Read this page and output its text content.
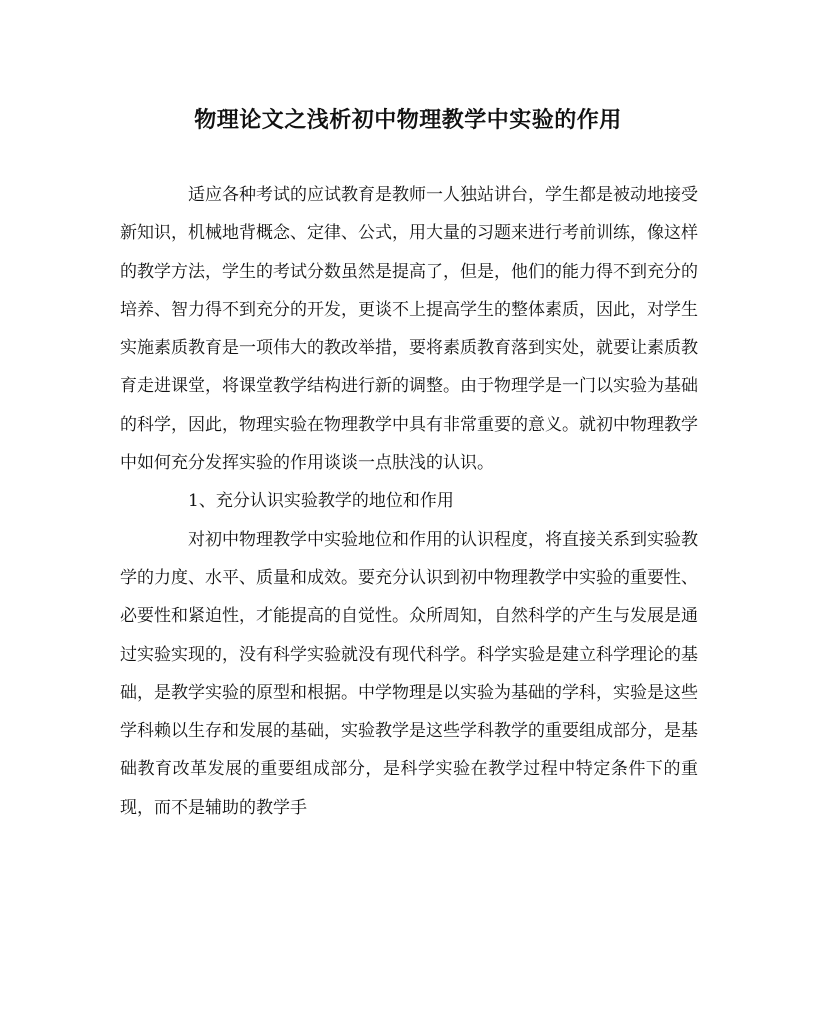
物理论文之浅析初中物理教学中实验的作用

适应各种考试的应试教育是教师一人独站讲台，学生都是被动地接受新知识，机械地背概念、定律、公式，用大量的习题来进行考前训练，像这样的教学方法，学生的考试分数虽然是提高了，但是，他们的能力得不到充分的培养、智力得不到充分的开发，更谈不上提高学生的整体素质，因此，对学生实施素质教育是一项伟大的教改举措，要将素质教育落到实处，就要让素质教育走进课堂，将课堂教学结构进行新的调整。由于物理学是一门以实验为基础的科学，因此，物理实验在物理教学中具有非常重要的意义。就初中物理教学中如何充分发挥实验的作用谈谈一点肤浅的认识。

1、充分认识实验教学的地位和作用

对初中物理教学中实验地位和作用的认识程度，将直接关系到实验教学的力度、水平、质量和成效。要充分认识到初中物理教学中实验的重要性、必要性和紧迫性，才能提高的自觉性。众所周知，自然科学的产生与发展是通过实验实现的，没有科学实验就没有现代科学。科学实验是建立科学理论的基础，是教学实验的原型和根据。中学物理是以实验为基础的学科，实验是这些学科赖以生存和发展的基础，实验教学是这些学科教学的重要组成部分，是基础教育改革发展的重要组成部分，是科学实验在教学过程中特定条件下的重现，而不是辅助的教学手
